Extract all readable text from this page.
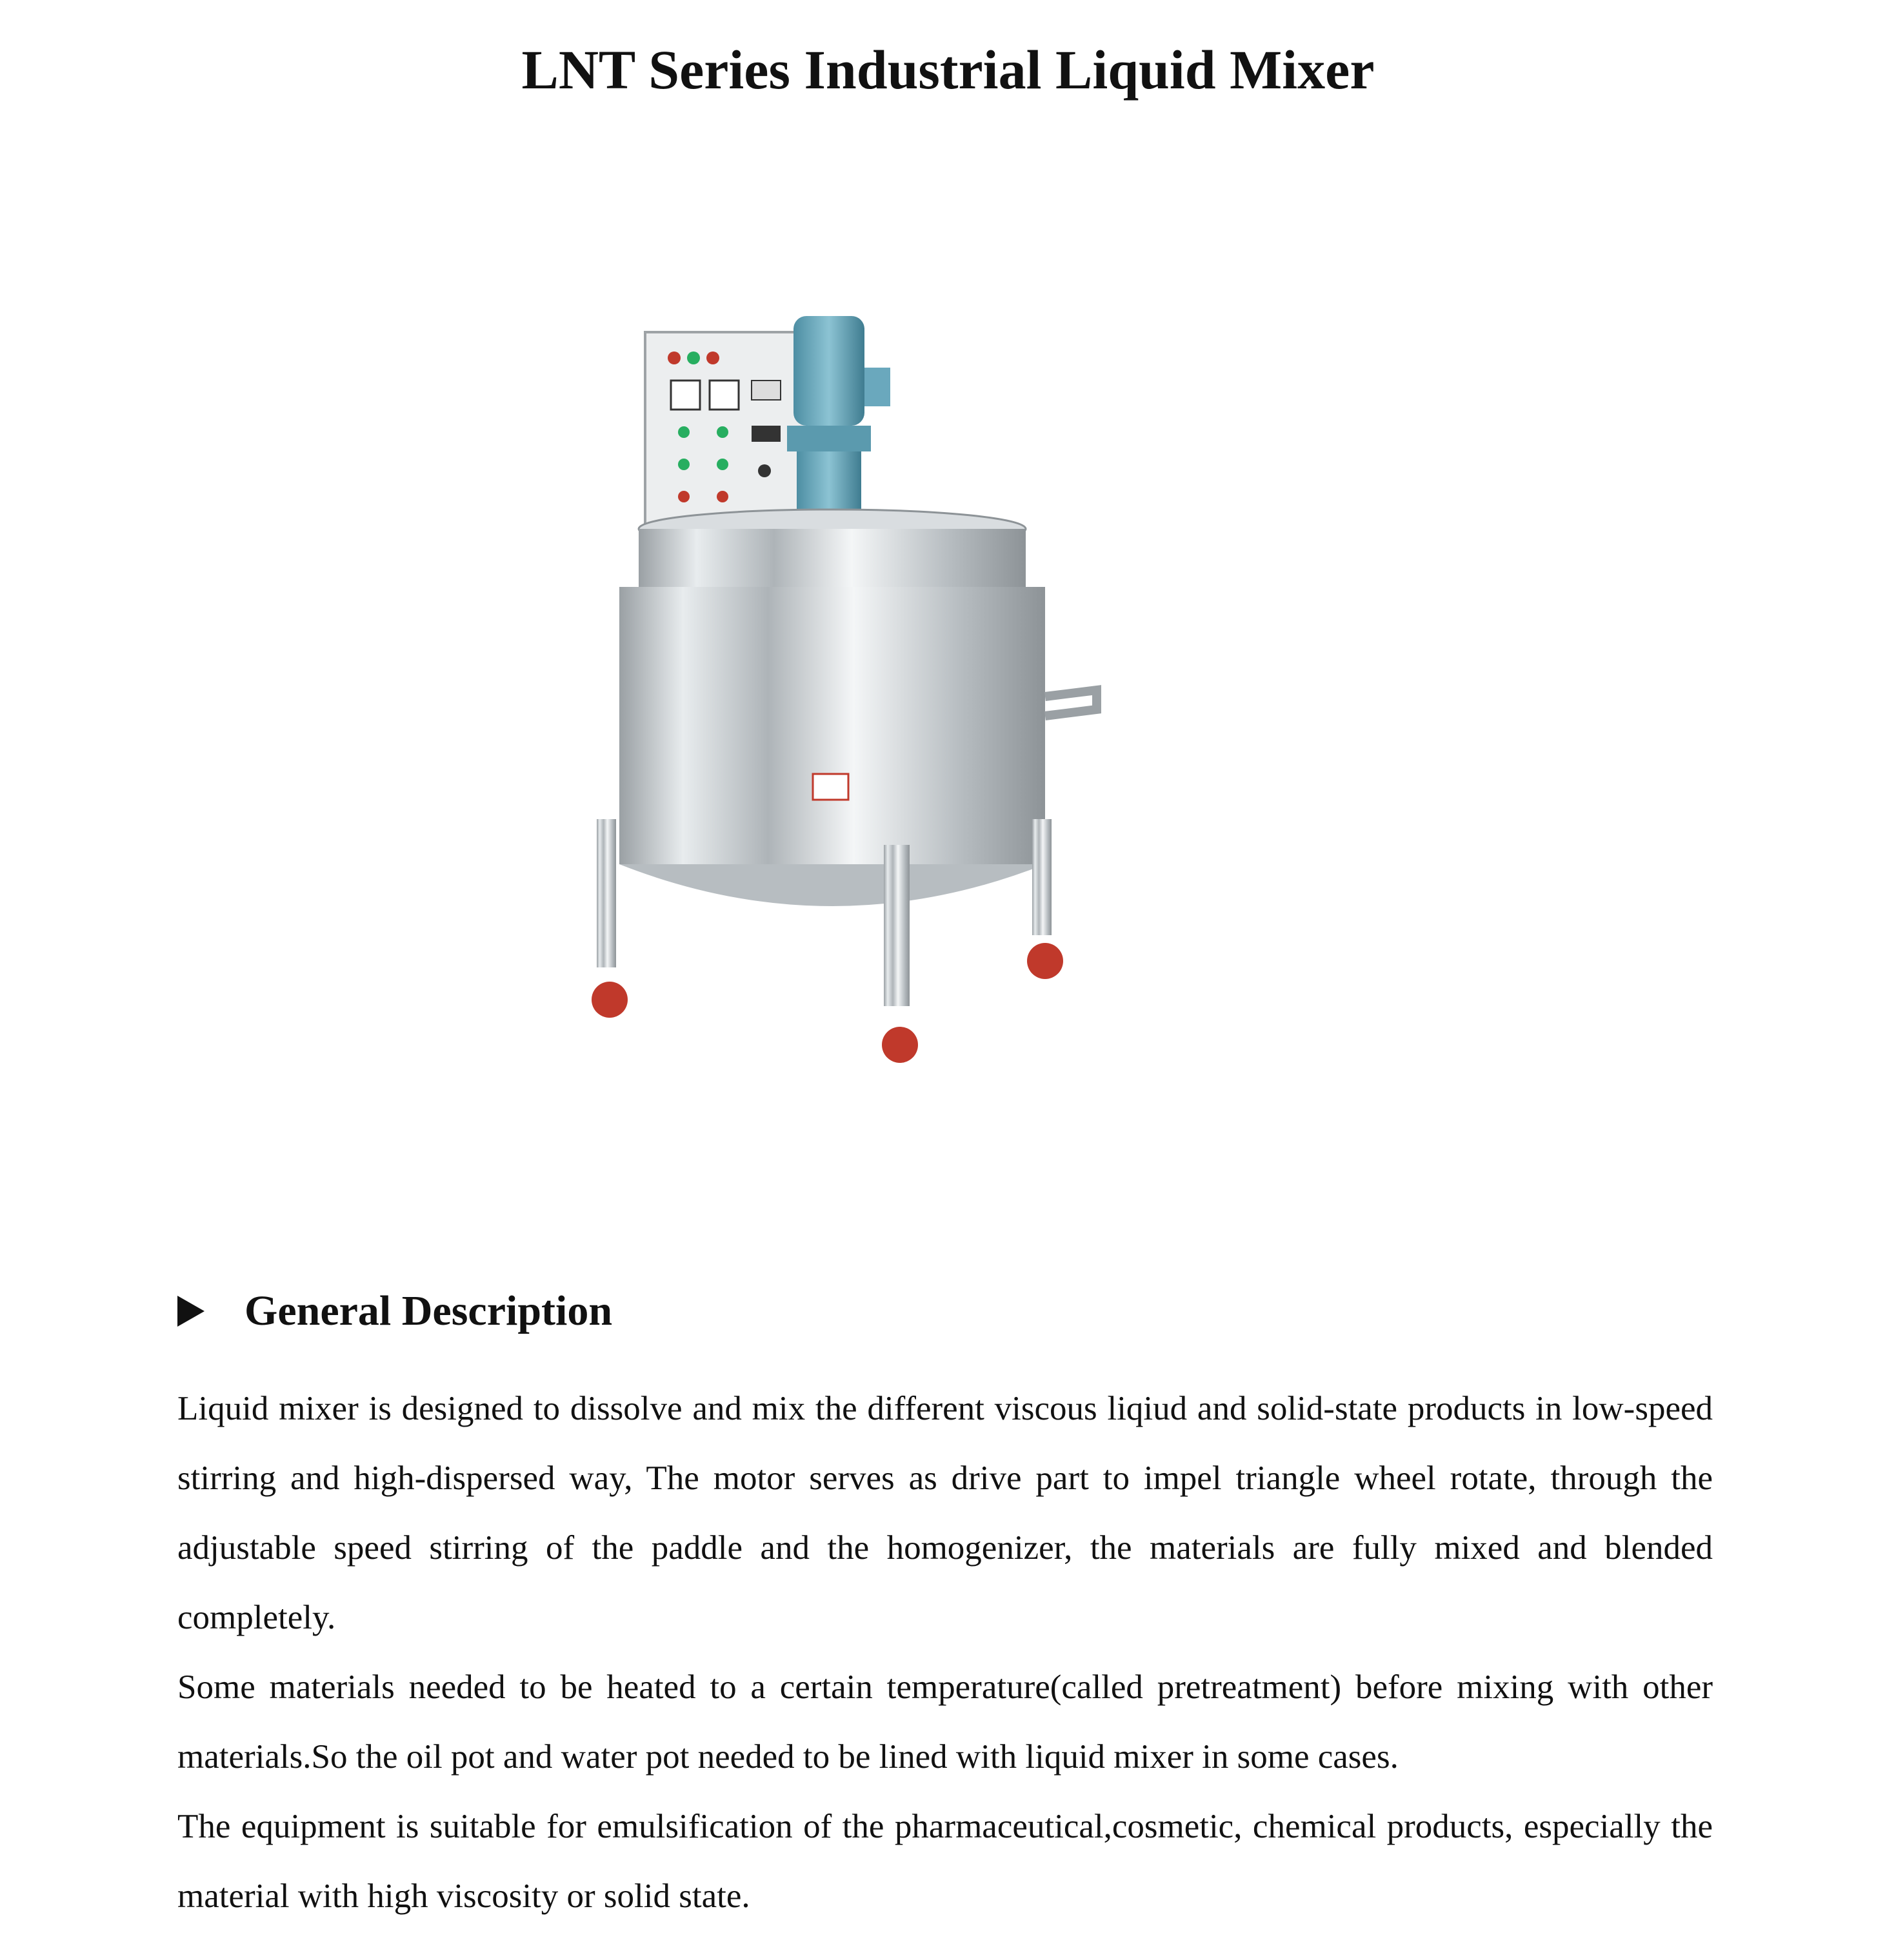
LNT Series Industrial Liquid Mixer
General Description

Liquid mixer is designed to dissolve and mix the different viscous liqiud and solid-state products in low-speed stirring and high-dispersed way, The motor serves as drive part to impel triangle wheel rotate, through the adjustable speed stirring of the paddle and the homogenizer, the materials are fully mixed and blended completely.

Some materials needed to be heated to a certain temperature(called pretreatment) before mixing with other materials.So the oil pot and water pot needed to be lined with liquid mixer in some cases.

The equipment is suitable for emulsification of the pharmaceutical,cosmetic, chemical products, especially the material with high viscosity or solid state.
